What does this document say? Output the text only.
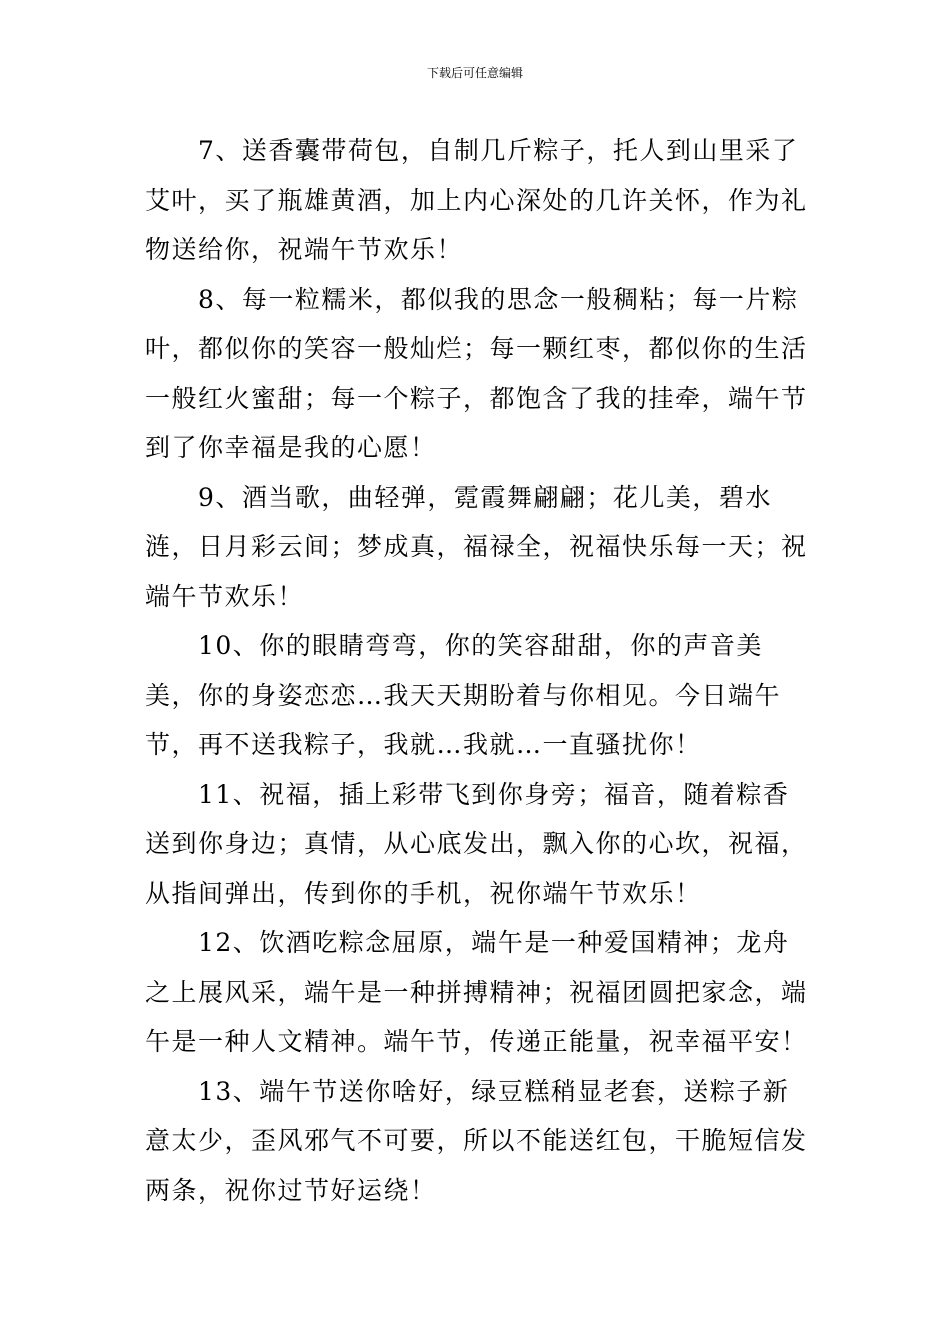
下载后可任意编辑

7、送香囊带荷包，自制几斤粽子，托人到山里采了艾叶，买了瓶雄黄酒，加上内心深处的几许关怀，作为礼物送给你，祝端午节欢乐！

8、每一粒糯米，都似我的思念一般稠粘；每一片粽叶，都似你的笑容一般灿烂；每一颗红枣，都似你的生活一般红火蜜甜；每一个粽子，都饱含了我的挂牵，端午节到了你幸福是我的心愿！

9、酒当歌，曲轻弹，霓霞舞翩翩；花儿美，碧水涟，日月彩云间；梦成真，福禄全，祝福快乐每一天；祝端午节欢乐！

10、你的眼睛弯弯，你的笑容甜甜，你的声音美美，你的身姿恋恋…我天天期盼着与你相见。今日端午节，再不送我粽子，我就…我就…一直骚扰你！

11、祝福，插上彩带飞到你身旁；福音，随着粽香送到你身边；真情，从心底发出，飘入你的心坎，祝福，从指间弹出，传到你的手机，祝你端午节欢乐！

12、饮酒吃粽念屈原，端午是一种爱国精神；龙舟之上展风采，端午是一种拼搏精神；祝福团圆把家念，端午是一种人文精神。端午节，传递正能量，祝幸福平安！

13、端午节送你啥好，绿豆糕稍显老套，送粽子新意太少，歪风邪气不可要，所以不能送红包，干脆短信发两条，祝你过节好运绕！
